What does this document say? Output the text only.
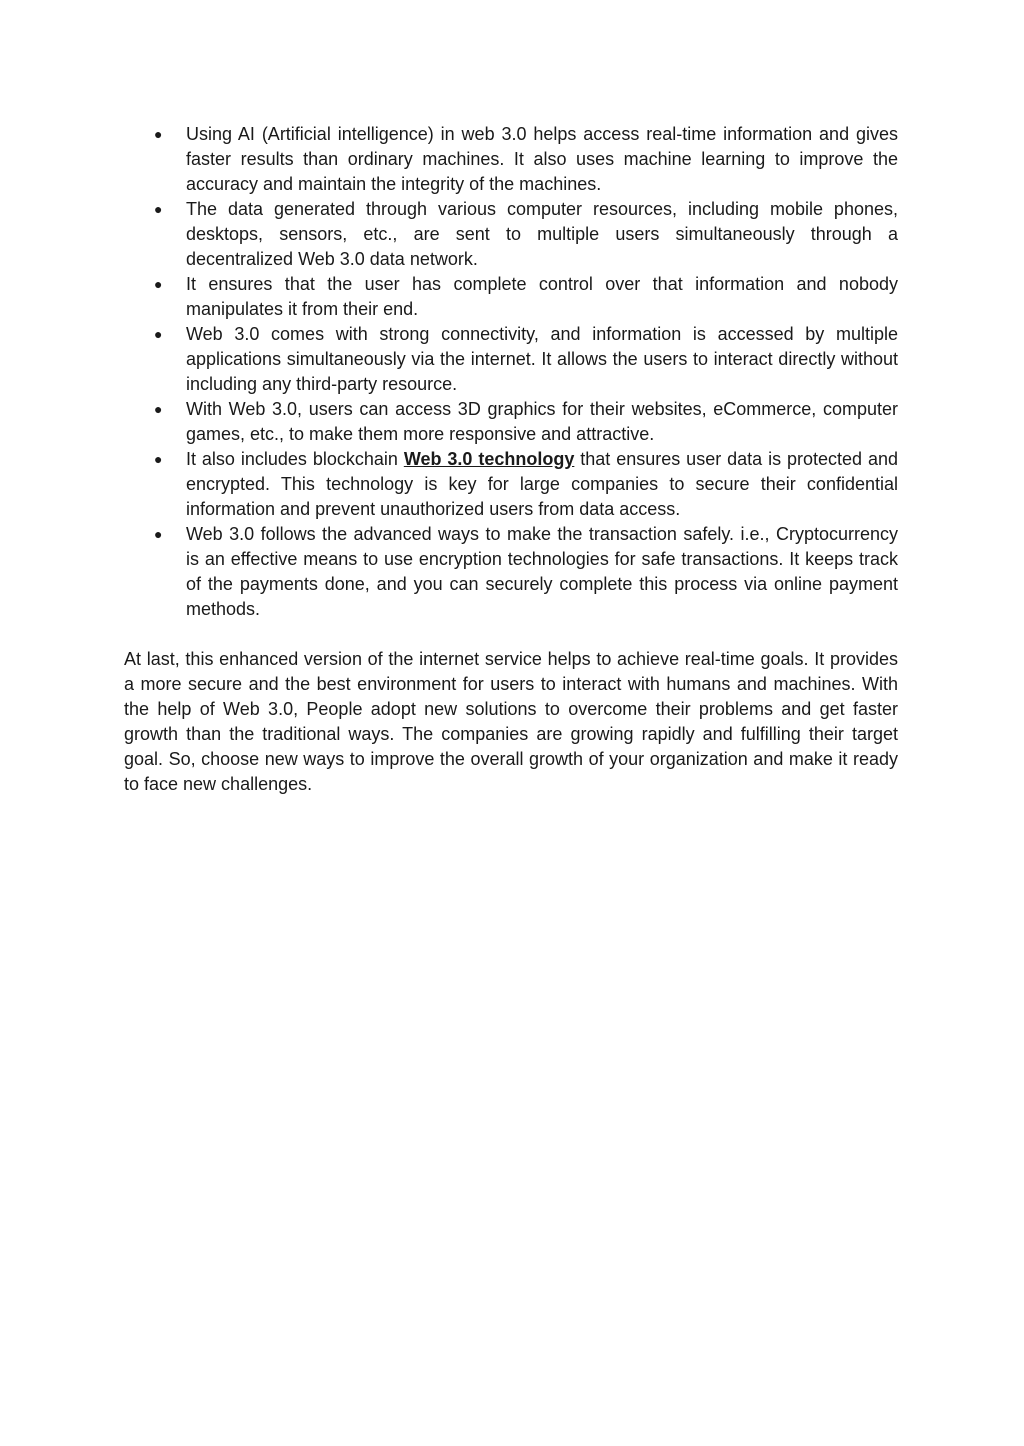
● Using AI (Artificial intelligence) in web 3.0 helps access real-time information and gives faster results than ordinary machines. It also uses machine learning to improve the accuracy and maintain the integrity of the machines.
● The data generated through various computer resources, including mobile phones, desktops, sensors, etc., are sent to multiple users simultaneously through a decentralized Web 3.0 data network.
● It ensures that the user has complete control over that information and nobody manipulates it from their end.
● Web 3.0 comes with strong connectivity, and information is accessed by multiple applications simultaneously via the internet. It allows the users to interact directly without including any third-party resource.
● With Web 3.0, users can access 3D graphics for their websites, eCommerce, computer games, etc., to make them more responsive and attractive.
● It also includes blockchain Web 3.0 technology that ensures user data is protected and encrypted. This technology is key for large companies to secure their confidential information and prevent unauthorized users from data access.
● Web 3.0 follows the advanced ways to make the transaction safely. i.e., Cryptocurrency is an effective means to use encryption technologies for safe transactions. It keeps track of the payments done, and you can securely complete this process via online payment methods.

At last, this enhanced version of the internet service helps to achieve real-time goals. It provides a more secure and the best environment for users to interact with humans and machines. With the help of Web 3.0, People adopt new solutions to overcome their problems and get faster growth than the traditional ways. The companies are growing rapidly and fulfilling their target goal. So, choose new ways to improve the overall growth of your organization and make it ready to face new challenges.
